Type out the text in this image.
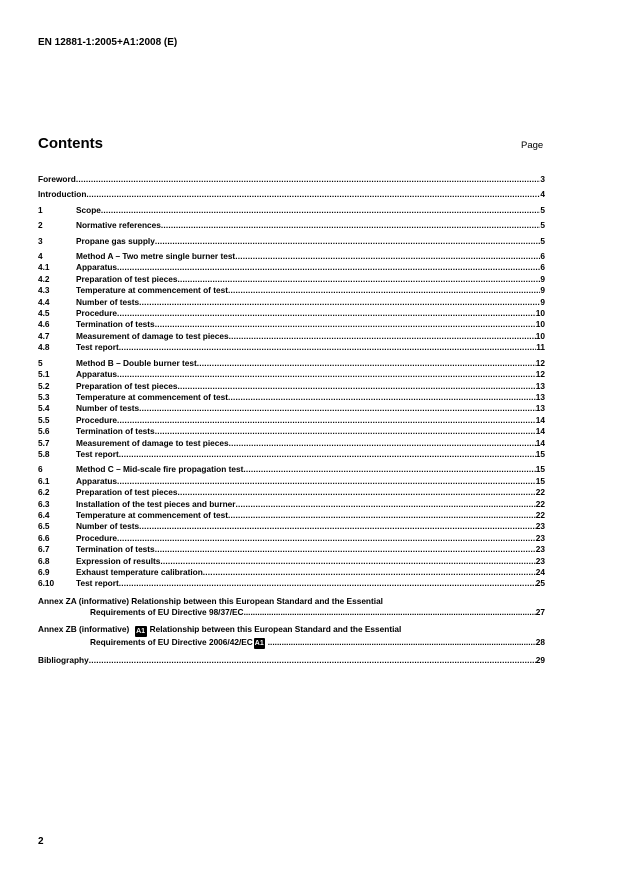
EN 12881-1:2005+A1:2008 (E)
Contents	Page
Foreword .....	3
Introduction .....	4
1	Scope .....	5
2	Normative references .....	5
3	Propane gas supply .....	5
4	Method A – Two metre single burner test .....	6
4.1	Apparatus .....	6
4.2	Preparation of test pieces .....	9
4.3	Temperature at commencement of test .....	9
4.4	Number of tests .....	9
4.5	Procedure .....	10
4.6	Termination of tests .....	10
4.7	Measurement of damage to test pieces .....	10
4.8	Test report .....	11
5	Method B – Double burner test .....	12
5.1	Apparatus .....	12
5.2	Preparation of test pieces .....	13
5.3	Temperature at commencement of test .....	13
5.4	Number of tests .....	13
5.5	Procedure .....	14
5.6	Termination of tests .....	14
5.7	Measurement of damage to test pieces .....	14
5.8	Test report .....	15
6	Method C – Mid-scale fire propagation test .....	15
6.1	Apparatus .....	15
6.2	Preparation of test pieces .....	22
6.3	Installation of the test pieces and burner .....	22
6.4	Temperature at commencement of test .....	22
6.5	Number of tests .....	23
6.6	Procedure .....	23
6.7	Termination of tests .....	23
6.8	Expression of results .....	23
6.9	Exhaust temperature calibration .....	24
6.10	Test report .....	25
Annex ZA (informative) Relationship between this European Standard and the Essential
Requirements of EU Directive 98/37/EC .....	27
Annex ZB (informative) A1 Relationship between this European Standard and the Essential
Requirements of EU Directive 2006/42/EC A1 .....	28
Bibliography .....	29
2
